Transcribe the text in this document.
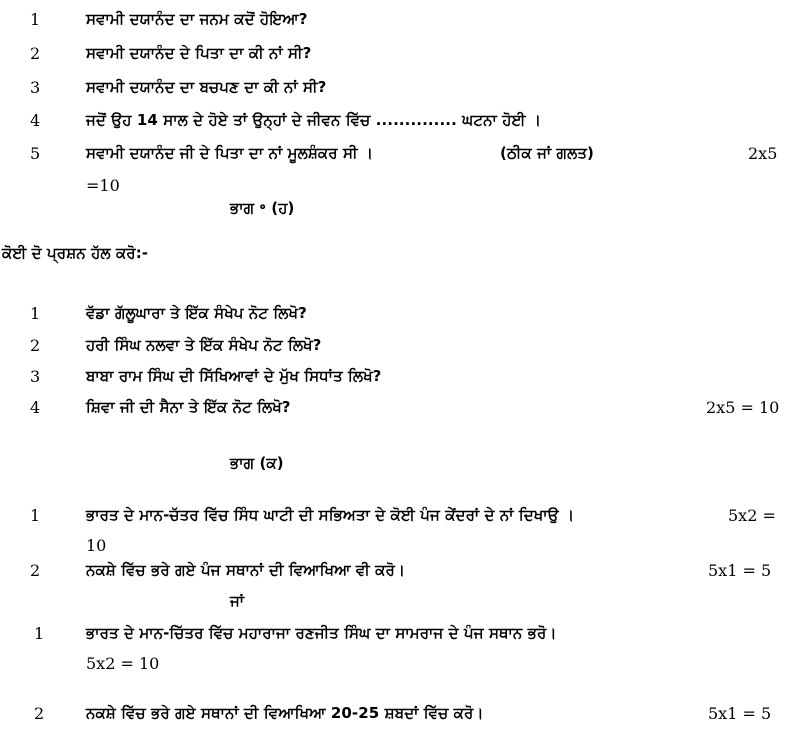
1	ਸਵਾਮੀ ਦਯਾਨੰਦ ਦਾ ਜਨਮ ਕਦੋਂ ਹੋਇਆ?
2	ਸਵਾਮੀ ਦਯਾਨੰਦ ਦੇ ਪਿਤਾ ਦਾ ਕੀ ਨਾਂ ਸੀ?
3	ਸਵਾਮੀ ਦਯਾਨੰਦ ਦਾ ਬਚਪਣ ਦਾ ਕੀ ਨਾਂ ਸੀ?
4	ਜਦੋਂ ਉਹ 14 ਸਾਲ ਦੇ ਹੋਏ ਤਾਂ ਉਨ੍ਹਾਂ ਦੇ ਜੀਵਨ ਵਿੱਚ .............. ਘਟਨਾ ਹੋਈ ।
5	ਸਵਾਮੀ ਦਯਾਨੰਦ ਜੀ ਦੇ ਪਿਤਾ ਦਾ ਨਾਂ ਮੂਲਸ਼ੰਕਰ ਸੀ ।	(ਠੀਕ ਜਾਂ ਗਲਤ)	2x5
=10
ਭਾਗ ॰ (ਹ)
ਕੋਈ ਦੋ ਪ੍ਰਸ਼ਨ ਹੱਲ ਕਰੋ:-
1	ਵੱਡਾ ਗੱਲੂਘਾਰਾ ਤੇ ਇੱਕ ਸੰਖੇਪ ਨੋਟ ਲਿਖੋ?
2	ਹਰੀ ਸਿੰਘ ਨਲਵਾ ਤੇ ਇੱਕ ਸੰਖੇਪ ਨੋਟ ਲਿਖੋ?
3	ਬਾਬਾ ਰਾਮ ਸਿੰਘ ਦੀ ਸਿੱਖਿਆਵਾਂ ਦੇ ਮੁੱਖ ਸਿਧਾਂਤ ਲਿਖੋ?
4	ਸ਼ਿਵਾ ਜੀ ਦੀ ਸੈਨਾ ਤੇ ਇੱਕ ਨੋਟ ਲਿਖੋ?	2x5 = 10
ਭਾਗ (ਕ)
1	ਭਾਰਤ ਦੇ ਮਾਨ-ਚੱਤਰ ਵਿੱਚ ਸਿੰਧ ਘਾਟੀ ਦੀ ਸਭਿਅਤਾ ਦੇ ਕੋਈ ਪੰਜ ਕੇਂਦਰਾਂ ਦੇ ਨਾਂ ਦਿਖਾਉ ।	5x2 =
10
2	ਨਕਸ਼ੇ ਵਿੱਚ ਭਰੇ ਗਏ ਪੰਜ ਸਥਾਨਾਂ ਦੀ ਵਿਆਖਿਆ ਵੀ ਕਰੋ।	5x1 = 5
ਜਾਂ
1	ਭਾਰਤ ਦੇ ਮਾਨ-ਚਿੱਤਰ ਵਿੱਚ ਮਹਾਰਾਜਾ ਰਣਜੀਤ ਸਿੰਘ ਦਾ ਸਾਮਰਾਜ ਦੇ ਪੰਜ ਸਥਾਨ ਭਰੋ।
5x2 = 10
2	ਨਕਸ਼ੇ ਵਿੱਚ ਭਰੇ ਗਏ ਸਥਾਨਾਂ ਦੀ ਵਿਆਖਿਆ 20-25 ਸ਼ਬਦਾਂ ਵਿੱਚ ਕਰੋ।	5x1 = 5
